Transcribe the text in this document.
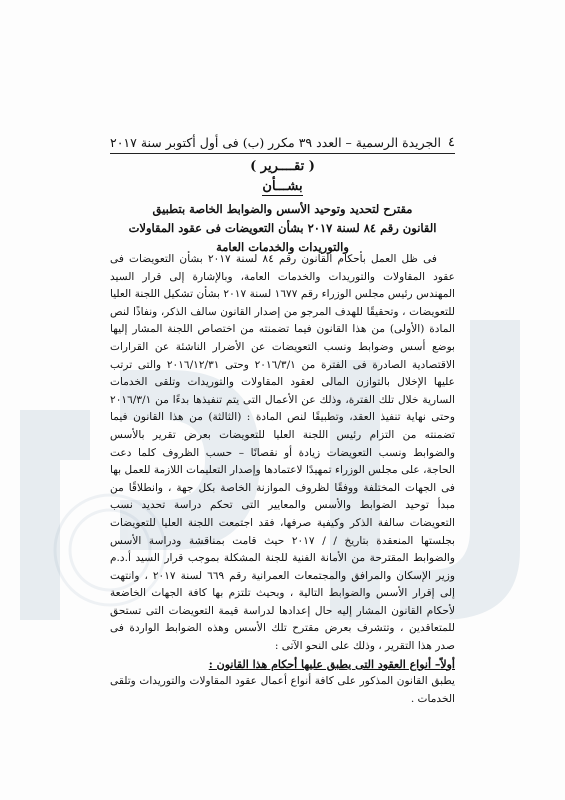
٤
الجريدة الرسمية – العدد ٣٩ مكرر (ب) فى أول أكتوبر سنة ٢٠١٧
( تقــــرير )
بشـــأن
مقترح لتحديد وتوحيد الأسس والضوابط الخاصة بتطبيق
القانون رقم ٨٤ لسنة ٢٠١٧ بشأن التعويضات فى عقود المقاولات
والتوريدات والخدمات العامة

فى ظل العمل بأحكام القانون رقم ٨٤ لسنة ٢٠١٧ بشأن التعويضات فى عقود المقاولات والتوريدات والخدمات العامة، وبالإشارة إلى قرار السيد المهندس رئيس مجلس الوزراء رقم ١٦٧٧ لسنة ٢٠١٧ بشأن تشكيل اللجنة العليا للتعويضات ، وتحقيقًا للهدف المرجو من إصدار القانون سالف الذكر، ونفاذًا لنص المادة (الأولى) من هذا القانون فيما تضمنته من اختصاص اللجنة المشار إليها بوضع أسس وضوابط ونسب التعويضات عن الأضرار الناشئة عن القرارات الاقتصادية الصادرة فى الفترة من ٢٠١٦/٣/١ وحتى ٢٠١٦/١٢/٣١ والتى ترتب عليها الإخلال بالتوازن المالى لعقود المقاولات والتوريدات وتلقى الخدمات السارية خلال تلك الفترة، وذلك عن الأعمال التى يتم تنفيذها بدءًا من ٢٠١٦/٣/١ وحتى نهاية تنفيذ العقد، وتطبيقًا لنص المادة : (الثالثة) من هذا القانون فيما تضمنته من التزام رئيس اللجنة العليا للتعويضات بعرض تقرير بالأسس والضوابط ونسب التعويضات زيادة أو نقصانًا – حسب الظروف كلما دعت الحاجة، على مجلس الوزراء تمهيدًا لاعتمادها وإصدار التعليمات اللازمة للعمل بها فى الجهات المختلفة ووفقًا لظروف الموازنة الخاصة بكل جهة ، وانطلاقًا من مبدأ توحيد الضوابط والأسس والمعايير التى تحكم دراسة تحديد نسب التعويضات سالفة الذكر وكيفية صرفها، فقد اجتمعت اللجنة العليا للتعويضات بجلستها المنعقدة بتاريخ / / ٢٠١٧ حيث قامت بمناقشة ودراسة الأسس والضوابط المقترحة من الأمانة الفنية للجنة المشكلة بموجب قرار السيد أ.د.م وزير الإسكان والمرافق والمجتمعات العمرانية رقم ٦٦٩ لسنة ٢٠١٧ ، وانتهت إلى إقرار الأسس والضوابط التالية ، وبحيث تلتزم بها كافة الجهات الخاضعة لأحكام القانون المشار إليه حال إعدادها لدراسة قيمة التعويضات التى تستحق للمتعاقدين ، وتتشرف بعرض مقترح تلك الأسس وهذه الضوابط الواردة فى صدر هذا التقرير ، وذلك على النحو الآتى :

أولاً– أنواع العقود التى يطبق عليها أحكام هذا القانون :
يطبق القانون المذكور على كافة أنواع أعمال عقود المقاولات والتوريدات وتلقى الخدمات .
